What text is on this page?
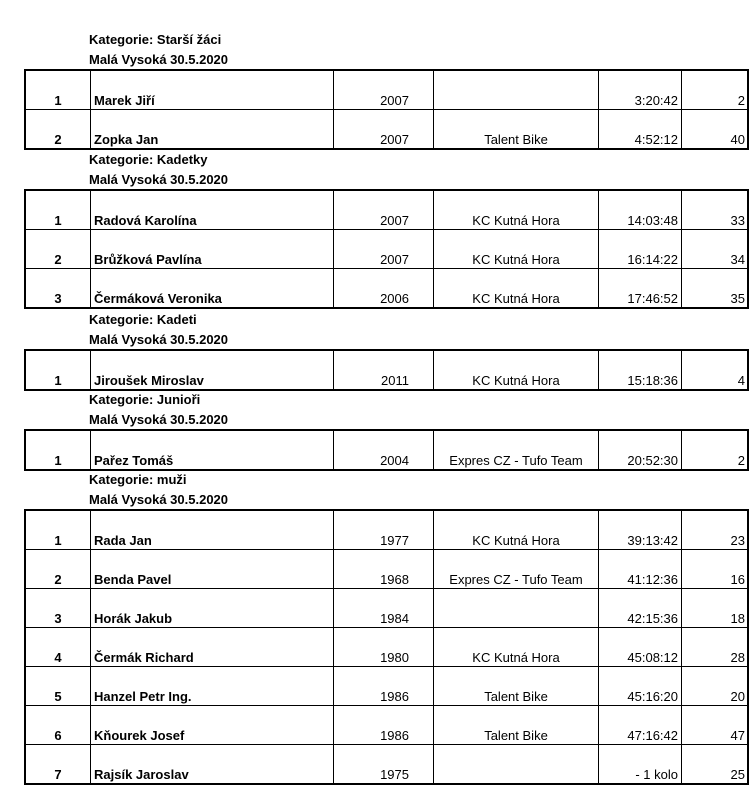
Kategorie: Starší žáci
Malá Vysoká 30.5.2020
1	Marek Jiří	2007		3:20:42	2
2	Zopka Jan	2007	Talent Bike	4:52:12	40
Kategorie: Kadetky
Malá Vysoká 30.5.2020
1	Radová Karolína	2007	KC Kutná Hora	14:03:48	33
2	Brůžková Pavlína	2007	KC Kutná Hora	16:14:22	34
3	Čermáková Veronika	2006	KC Kutná Hora	17:46:52	35
Kategorie: Kadeti
Malá Vysoká 30.5.2020
1	Jiroušek Miroslav	2011	KC Kutná Hora	15:18:36	4
Kategorie: Junioři
Malá Vysoká 30.5.2020
1	Pařez Tomáš	2004	Expres CZ - Tufo Team	20:52:30	2
Kategorie: muži
Malá Vysoká 30.5.2020
1	Rada Jan	1977	KC Kutná Hora	39:13:42	23
2	Benda Pavel	1968	Expres CZ - Tufo Team	41:12:36	16
3	Horák Jakub	1984		42:15:36	18
4	Čermák Richard	1980	KC Kutná Hora	45:08:12	28
5	Hanzel Petr Ing.	1986	Talent Bike	45:16:20	20
6	Kňourek Josef	1986	Talent Bike	47:16:42	47
7	Rajsík Jaroslav	1975		- 1 kolo	25
